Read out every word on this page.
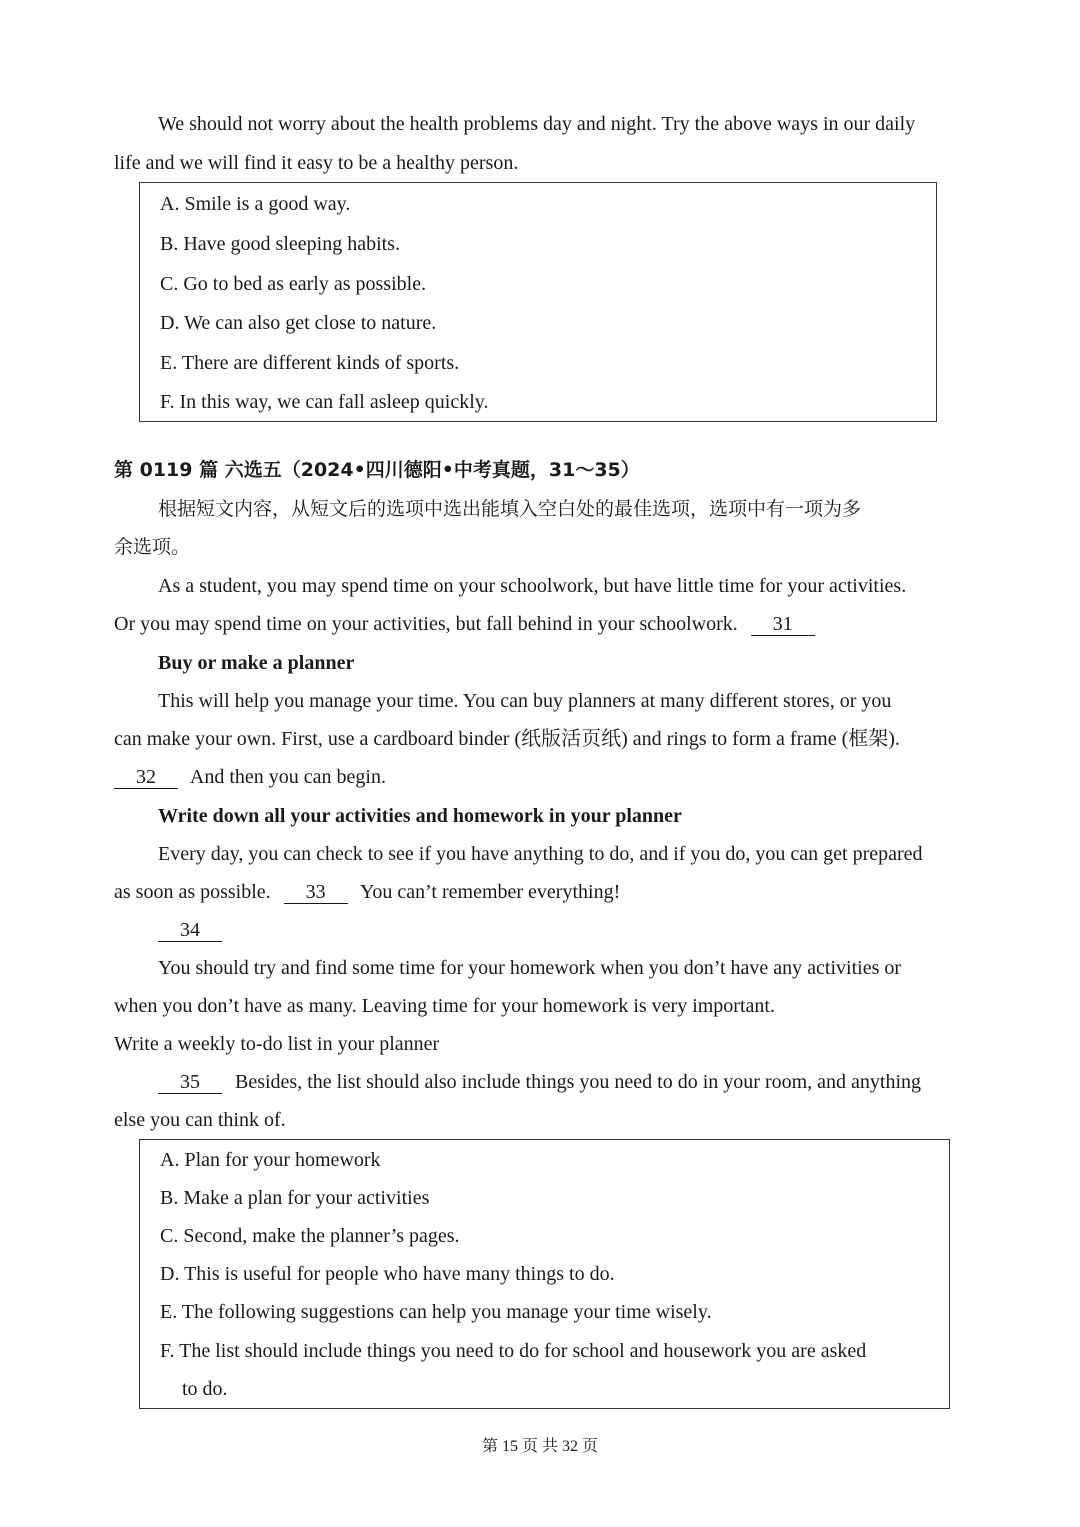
We should not worry about the health problems day and night. Try the above ways in our daily
life and we will find it easy to be a healthy person.
A. Smile is a good way.
B. Have good sleeping habits.
C. Go to bed as early as possible.
D. We can also get close to nature.
E. There are different kinds of sports.
F. In this way, we can fall asleep quickly.
第 0119 篇 六选五（2024•四川德阳•中考真题，31～35）
根据短文内容，从短文后的选项中选出能填入空白处的最佳选项，选项中有一项为多
余选项。
As a student, you may spend time on your schoolwork, but have little time for your activities.
Or you may spend time on your activities, but fall behind in your schoolwork. 31
Buy or make a planner
This will help you manage your time. You can buy planners at many different stores, or you
can make your own. First, use a cardboard binder (纸版活页纸) and rings to form a frame (框架).
32 And then you can begin.
Write down all your activities and homework in your planner
Every day, you can check to see if you have anything to do, and if you do, you can get prepared
as soon as possible. 33 You can’t remember everything!
34
You should try and find some time for your homework when you don’t have any activities or
when you don’t have as many. Leaving time for your homework is very important.
Write a weekly to-do list in your planner
35 Besides, the list should also include things you need to do in your room, and anything
else you can think of.
A. Plan for your homework
B. Make a plan for your activities
C. Second, make the planner’s pages.
D. This is useful for people who have many things to do.
E. The following suggestions can help you manage your time wisely.
F. The list should include things you need to do for school and housework you are asked
to do.
第 15 页 共 32 页
